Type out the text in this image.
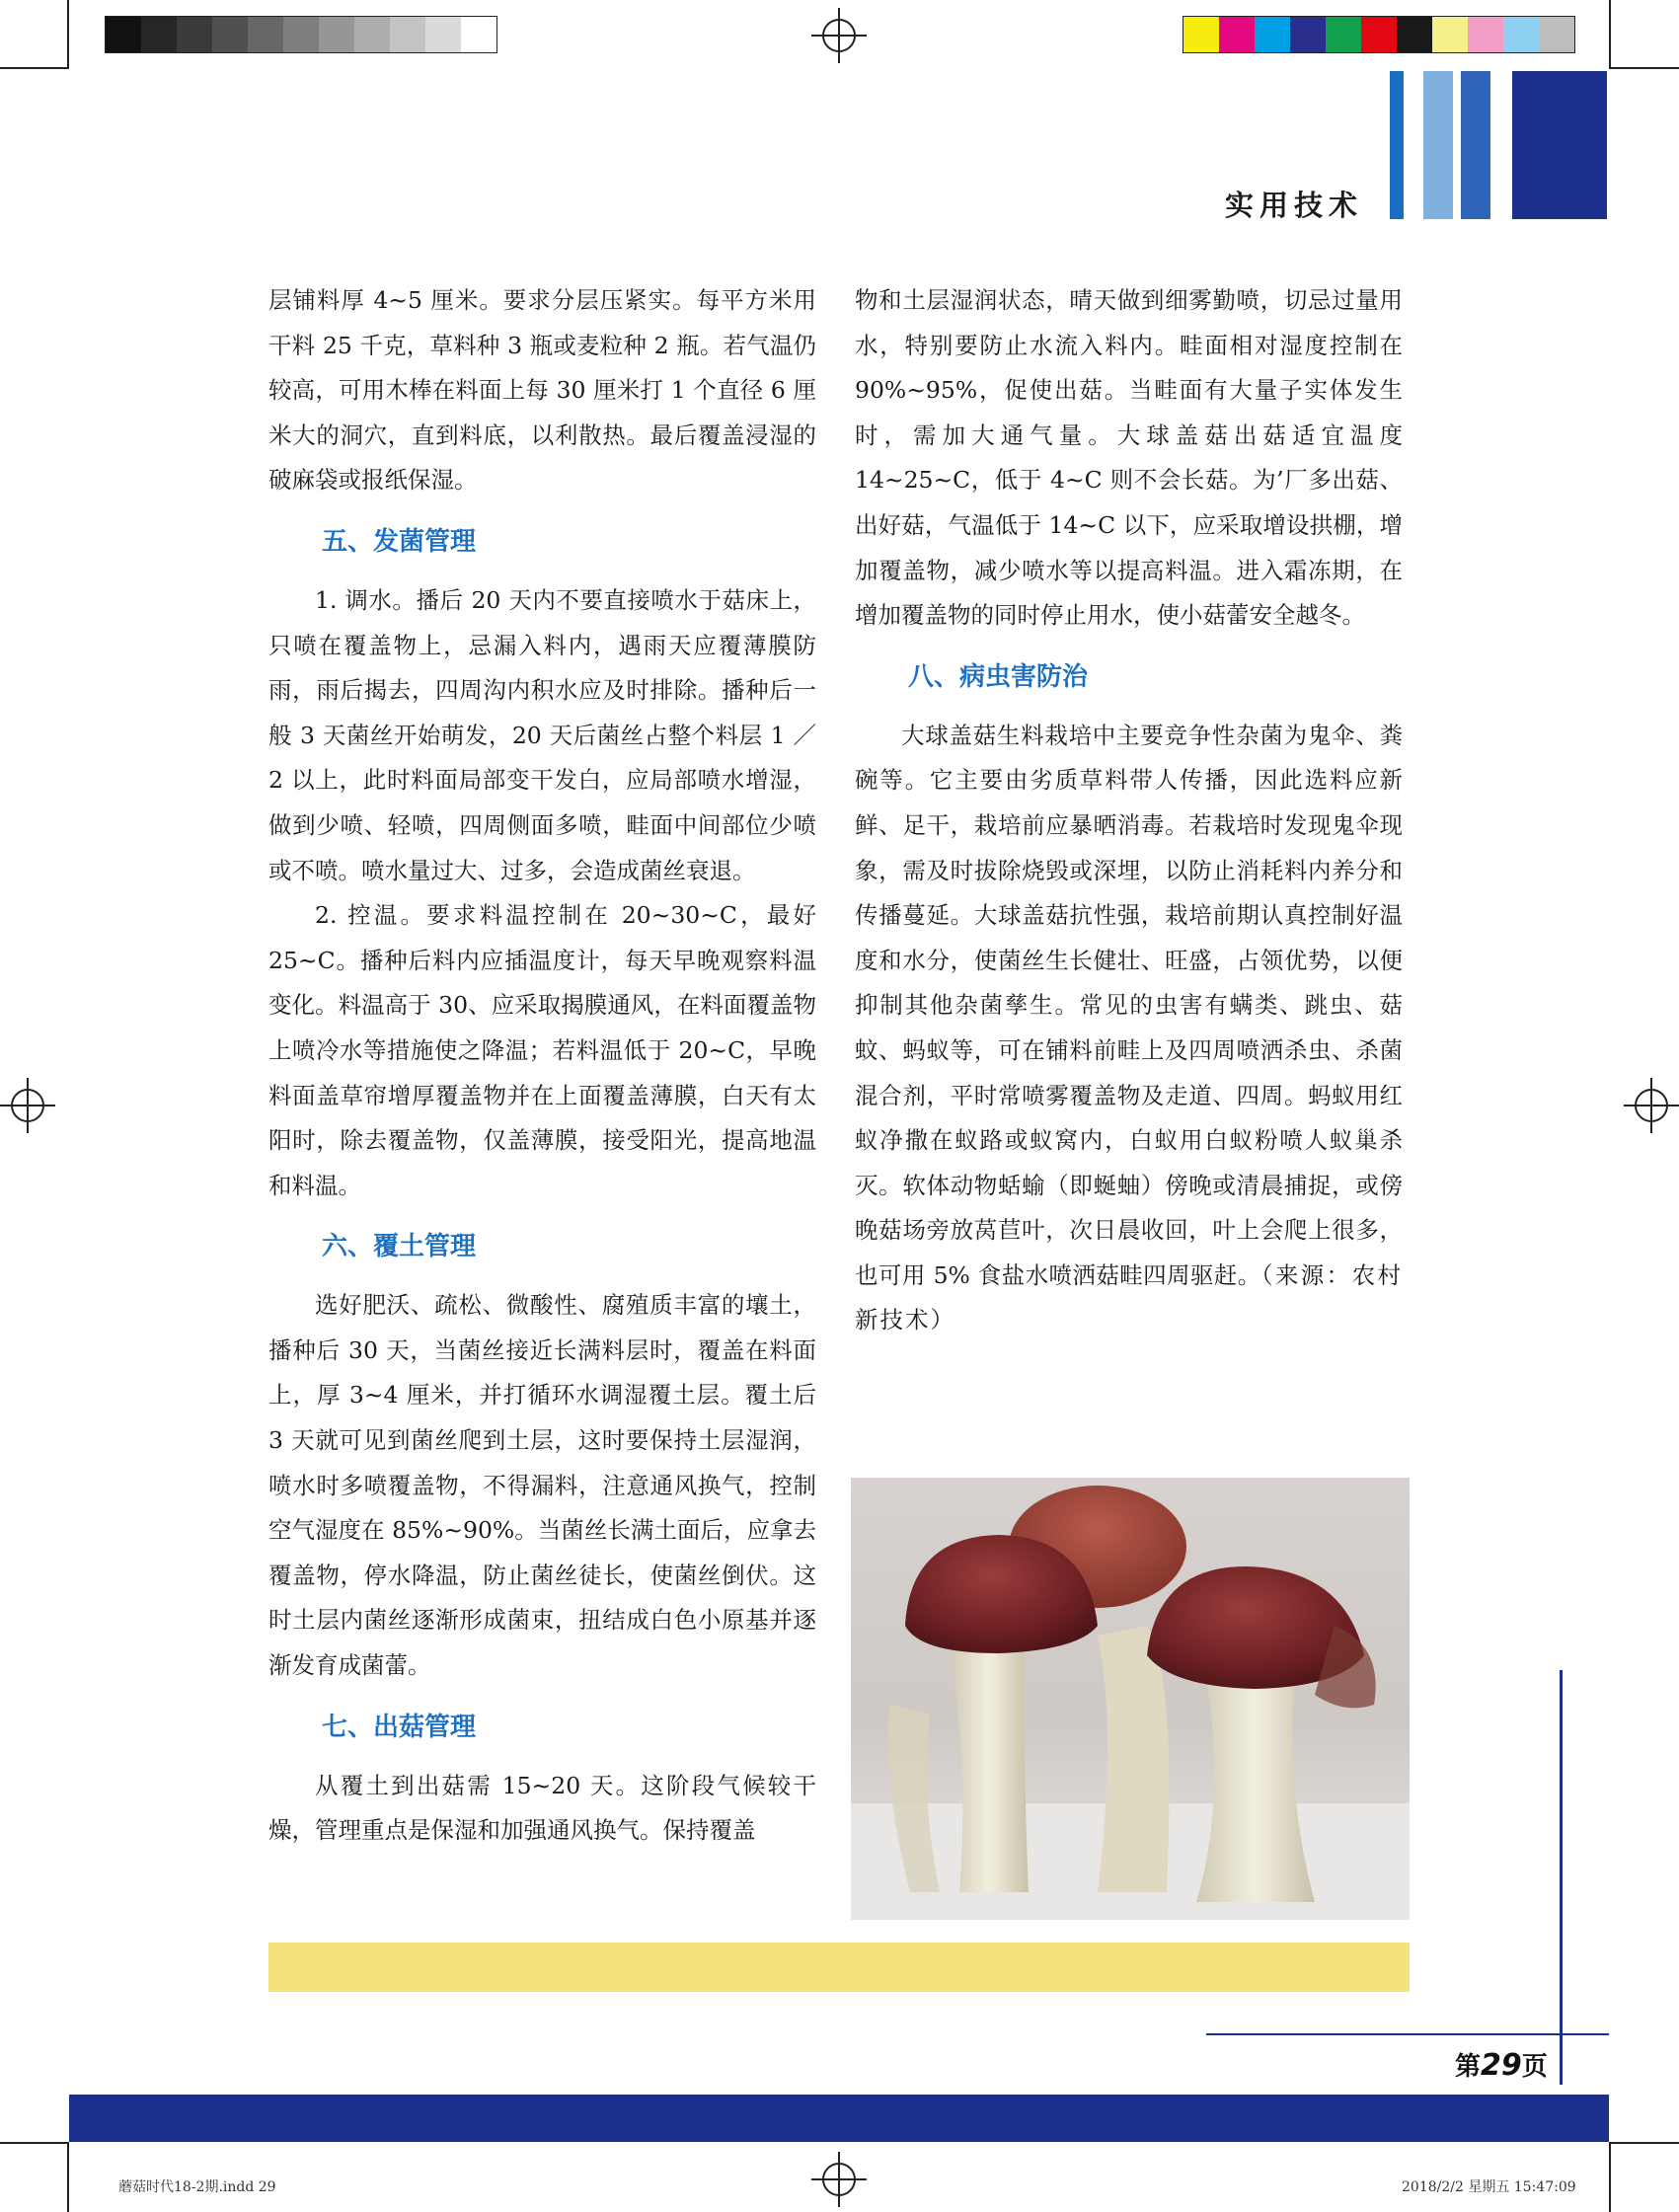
实用技术

层铺料厚 4~5 厘米。要求分层压紧实。每平方米用干料 25 千克，草料种 3 瓶或麦粒种 2 瓶。若气温仍较高，可用木棒在料面上每 30 厘米打 1 个直径 6 厘米大的洞穴，直到料底，以利散热。最后覆盖浸湿的破麻袋或报纸保湿。

五、发菌管理

1. 调水。播后 20 天内不要直接喷水于菇床上，只喷在覆盖物上，忌漏入料内，遇雨天应覆薄膜防雨，雨后揭去，四周沟内积水应及时排除。播种后一般 3 天菌丝开始萌发，20 天后菌丝占整个料层 1 ／ 2 以上，此时料面局部变干发白，应局部喷水增湿，做到少喷、轻喷，四周侧面多喷，畦面中间部位少喷或不喷。喷水量过大、过多，会造成菌丝衰退。

2. 控温。要求料温控制在 20~30~C，最好 25~C。播种后料内应插温度计，每天早晚观察料温变化。料温高于 30、应采取揭膜通风，在料面覆盖物上喷冷水等措施使之降温；若料温低于 20~C，早晚料面盖草帘增厚覆盖物并在上面覆盖薄膜，白天有太阳时，除去覆盖物，仅盖薄膜，接受阳光，提高地温和料温。

六、覆土管理

选好肥沃、疏松、微酸性、腐殖质丰富的壤土，播种后 30 天，当菌丝接近长满料层时，覆盖在料面上，厚 3~4 厘米，并打循环水调湿覆土层。覆土后 3 天就可见到菌丝爬到土层，这时要保持土层湿润，喷水时多喷覆盖物，不得漏料，注意通风换气，控制空气湿度在 85%~90%。当菌丝长满土面后，应拿去覆盖物，停水降温，防止菌丝徒长，使菌丝倒伏。这时土层内菌丝逐渐形成菌束，扭结成白色小原基并逐渐发育成菌蕾。

七、出菇管理

从覆土到出菇需 15~20 天。这阶段气候较干燥，管理重点是保湿和加强通风换气。保持覆盖

物和土层湿润状态，晴天做到细雾勤喷，切忌过量用水，特别要防止水流入料内。畦面相对湿度控制在 90%~95%，促使出菇。当畦面有大量子实体发生时，需加大通气量。大球盖菇出菇适宜温度 14~25~C，低于 4~C 则不会长菇。为’厂多出菇、出好菇，气温低于 14~C 以下，应采取增设拱棚，增加覆盖物，减少喷水等以提高料温。进入霜冻期，在增加覆盖物的同时停止用水，使小菇蕾安全越冬。

八、病虫害防治

大球盖菇生料栽培中主要竞争性杂菌为鬼伞、粪碗等。它主要由劣质草料带人传播，因此选料应新鲜、足干，栽培前应暴晒消毒。若栽培时发现鬼伞现象，需及时拔除烧毁或深埋，以防止消耗料内养分和传播蔓延。大球盖菇抗性强，栽培前期认真控制好温度和水分，使菌丝生长健壮、旺盛，占领优势，以便抑制其他杂菌孳生。常见的虫害有螨类、跳虫、菇蚊、蚂蚁等，可在铺料前畦上及四周喷洒杀虫、杀菌混合剂，平时常喷雾覆盖物及走道、四周。蚂蚁用红蚁净撒在蚁路或蚁窝内，白蚁用白蚁粉喷人蚁巢杀灭。软体动物蛞蝓（即蜒蚰）傍晚或清晨捕捉，或傍晚菇场旁放莴苣叶，次日晨收回，叶上会爬上很多，也可用 5% 食盐水喷洒菇畦四周驱赶。（来源：农村新技术）

第29页
蘑菇时代18-2期.indd 29	2018/2/2 星期五 15:47:09
